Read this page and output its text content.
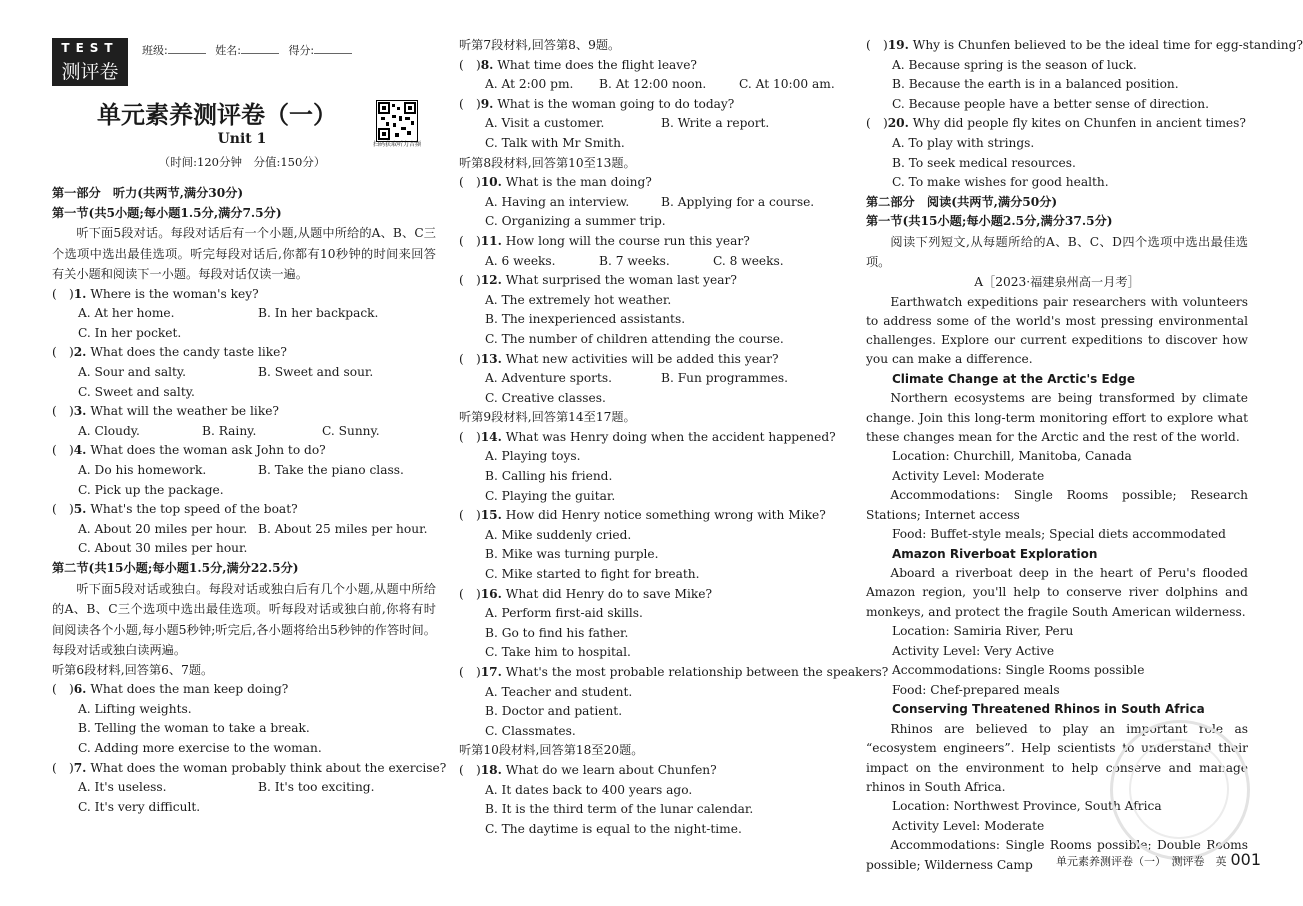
TEST
测评卷
班级:	姓名:	得分:
单元素养测评卷（一）
Unit 1
（时间:120分钟　分值:150分）
扫码获取听力音频
第一部分　听力(共两节,满分30分)
第一节(共5小题;每小题1.5分,满分7.5分)
听下面5段对话。每段对话后有一个小题,从题中所给的A、B、C三个选项中选出最佳选项。听完每段对话后,你都有10秒钟的时间来回答有关小题和阅读下一小题。每段对话仅读一遍。
(　)1. Where is the woman's key?
A. At her home.	B. In her backpack.
C. In her pocket.
(　)2. What does the candy taste like?
A. Sour and salty.	B. Sweet and sour.
C. Sweet and salty.
(　)3. What will the weather be like?
A. Cloudy.	B. Rainy.	C. Sunny.
(　)4. What does the woman ask John to do?
A. Do his homework.	B. Take the piano class.
C. Pick up the package.
(　)5. What's the top speed of the boat?
A. About 20 miles per hour. B. About 25 miles per hour.
C. About 30 miles per hour.
第二节(共15小题;每小题1.5分,满分22.5分)
听下面5段对话或独白。每段对话或独白后有几个小题,从题中所给的A、B、C三个选项中选出最佳选项。听每段对话或独白前,你将有时间阅读各个小题,每小题5秒钟;听完后,各小题将给出5秒钟的作答时间。每段对话或独白读两遍。
听第6段材料,回答第6、7题。
(　)6. What does the man keep doing?
A. Lifting weights.
B. Telling the woman to take a break.
C. Adding more exercise to the woman.
(　)7. What does the woman probably think about the exercise?
A. It's useless.	B. It's too exciting.
C. It's very difficult.
听第7段材料,回答第8、9题。
(　)8. What time does the flight leave?
A. At 2:00 pm.	B. At 12:00 noon.	C. At 10:00 am.
(　)9. What is the woman going to do today?
A. Visit a customer.	B. Write a report.
C. Talk with Mr Smith.
听第8段材料,回答第10至13题。
(　)10. What is the man doing?
A. Having an interview.	B. Applying for a course.
C. Organizing a summer trip.
(　)11. How long will the course run this year?
A. 6 weeks.	B. 7 weeks.	C. 8 weeks.
(　)12. What surprised the woman last year?
A. The extremely hot weather.
B. The inexperienced assistants.
C. The number of children attending the course.
(　)13. What new activities will be added this year?
A. Adventure sports.	B. Fun programmes.
C. Creative classes.
听第9段材料,回答第14至17题。
(　)14. What was Henry doing when the accident happened?
A. Playing toys.
B. Calling his friend.
C. Playing the guitar.
(　)15. How did Henry notice something wrong with Mike?
A. Mike suddenly cried.
B. Mike was turning purple.
C. Mike started to fight for breath.
(　)16. What did Henry do to save Mike?
A. Perform first-aid skills.
B. Go to find his father.
C. Take him to hospital.
(　)17. What's the most probable relationship between the speakers?
A. Teacher and student.
B. Doctor and patient.
C. Classmates.
听第10段材料,回答第18至20题。
(　)18. What do we learn about Chunfen?
A. It dates back to 400 years ago.
B. It is the third term of the lunar calendar.
C. The daytime is equal to the night-time.
(　)19. Why is Chunfen believed to be the ideal time for egg-standing?
A. Because spring is the season of luck.
B. Because the earth is in a balanced position.
C. Because people have a better sense of direction.
(　)20. Why did people fly kites on Chunfen in ancient times?
A. To play with strings.
B. To seek medical resources.
C. To make wishes for good health.
第二部分　阅读(共两节,满分50分)
第一节(共15小题;每小题2.5分,满分37.5分)
阅读下列短文,从每题所给的A、B、C、D四个选项中选出最佳选项。
A［2023·福建泉州高一月考］
Earthwatch expeditions pair researchers with volunteers to address some of the world's most pressing environmental challenges. Explore our current expeditions to discover how you can make a difference.
Climate Change at the Arctic's Edge
Northern ecosystems are being transformed by climate change. Join this long-term monitoring effort to explore what these changes mean for the Arctic and the rest of the world.
Location: Churchill, Manitoba, Canada
Activity Level: Moderate
Accommodations: Single Rooms possible; Research Stations; Internet access
Food: Buffet-style meals; Special diets accommodated
Amazon Riverboat Exploration
Aboard a riverboat deep in the heart of Peru's flooded Amazon region, you'll help to conserve river dolphins and monkeys, and protect the fragile South American wilderness.
Location: Samiria River, Peru
Activity Level: Very Active
Accommodations: Single Rooms possible
Food: Chef-prepared meals
Conserving Threatened Rhinos in South Africa
Rhinos are believed to play an important role as “ecosystem engineers”. Help scientists to understand their impact on the environment to help conserve and manage rhinos in South Africa.
Location: Northwest Province, South Africa
Activity Level: Moderate
Accommodations: Single Rooms possible; Double Rooms possible; Wilderness Camp	单元素养测评卷（一）　测评卷　英 001
